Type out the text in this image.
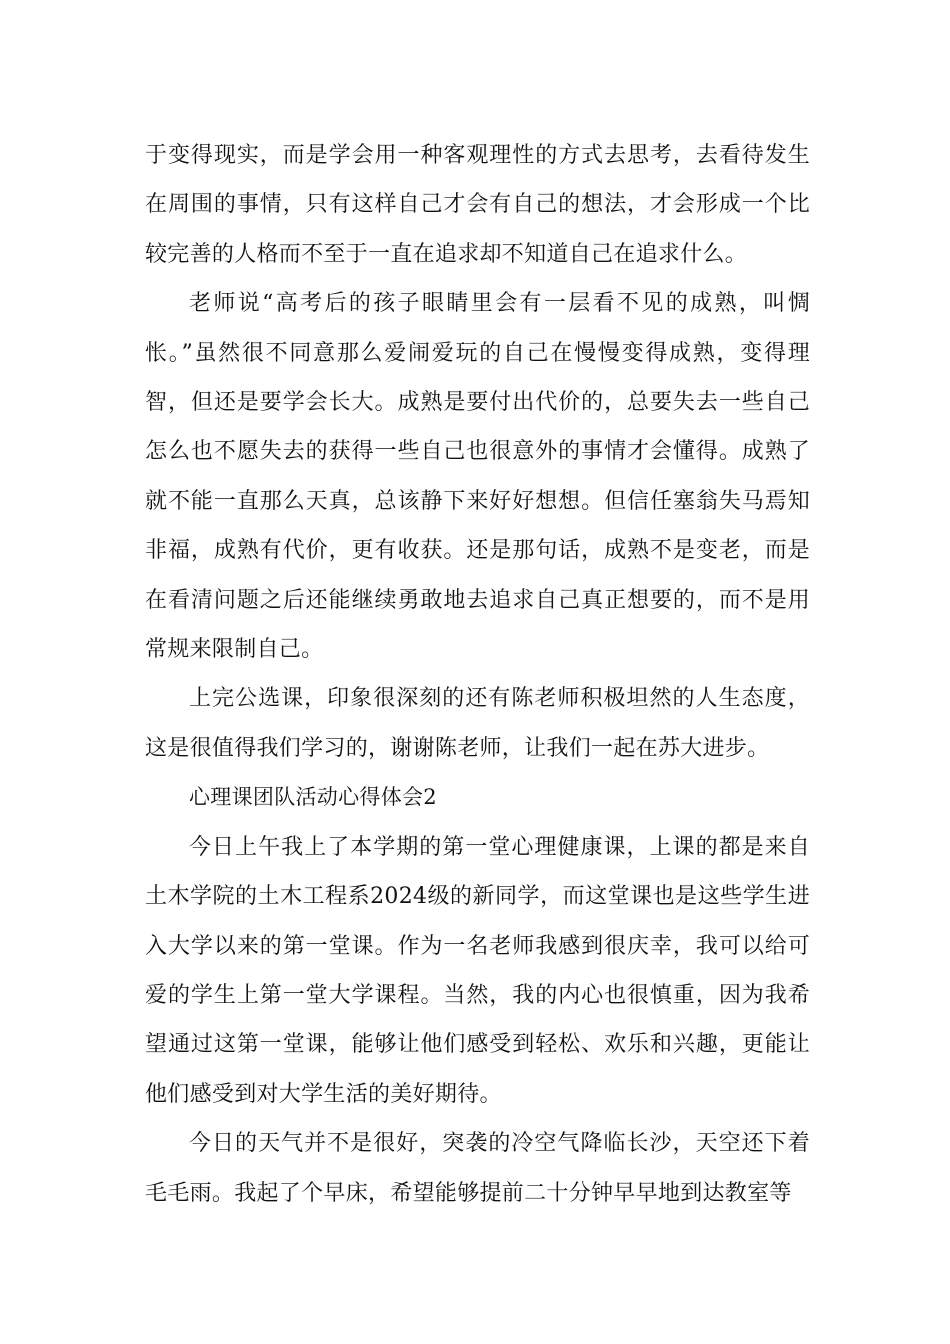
于变得现实，而是学会用一种客观理性的方式去思考，去看待发生在周围的事情，只有这样自己才会有自己的想法，才会形成一个比较完善的人格而不至于一直在追求却不知道自己在追求什么。

老师说“高考后的孩子眼睛里会有一层看不见的成熟，叫惆怅。”虽然很不同意那么爱闹爱玩的自己在慢慢变得成熟，变得理智，但还是要学会长大。成熟是要付出代价的，总要失去一些自己怎么也不愿失去的获得一些自己也很意外的事情才会懂得。成熟了就不能一直那么天真，总该静下来好好想想。但信任塞翁失马焉知非福，成熟有代价，更有收获。还是那句话，成熟不是变老，而是在看清问题之后还能继续勇敢地去追求自己真正想要的，而不是用常规来限制自己。

上完公选课，印象很深刻的还有陈老师积极坦然的人生态度，这是很值得我们学习的，谢谢陈老师，让我们一起在苏大进步。

心理课团队活动心得体会2

今日上午我上了本学期的第一堂心理健康课，上课的都是来自土木学院的土木工程系2024级的新同学，而这堂课也是这些学生进入大学以来的第一堂课。作为一名老师我感到很庆幸，我可以给可爱的学生上第一堂大学课程。当然，我的内心也很慎重，因为我希望通过这第一堂课，能够让他们感受到轻松、欢乐和兴趣，更能让他们感受到对大学生活的美好期待。

今日的天气并不是很好，突袭的冷空气降临长沙，天空还下着毛毛雨。我起了个早床，希望能够提前二十分钟早早地到达教室等
